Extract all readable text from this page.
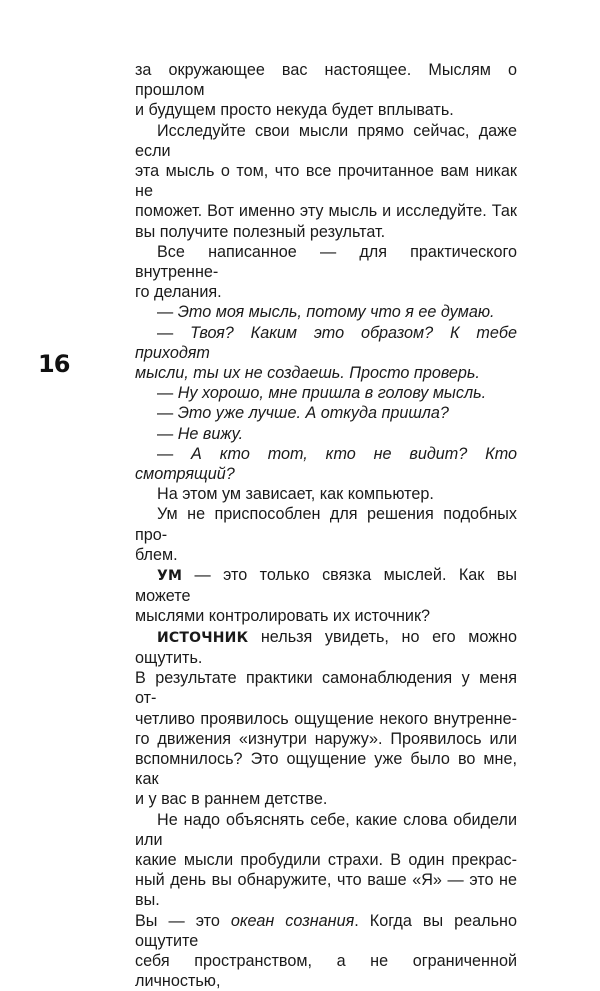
16
за окружающее вас настоящее. Мыслям о прошлом
и будущем просто некуда будет вплывать.
Исследуйте свои мысли прямо сейчас, даже если
эта мысль о том, что все прочитанное вам никак не
поможет. Вот именно эту мысль и исследуйте. Так
вы получите полезный результат.
Все написанное — для практического внутренне-
го делания.
— Это моя мысль, потому что я ее думаю.
— Твоя? Каким это образом? К тебе приходят
мысли, ты их не создаешь. Просто проверь.
— Ну хорошо, мне пришла в голову мысль.
— Это уже лучше. А откуда пришла?
— Не вижу.
— А кто тот, кто не видит? Кто смотрящий?
На этом ум зависает, как компьютер.
Ум не приспособлен для решения подобных про-
блем.
УМ — это только связка мыслей. Как вы можете
мыслями контролировать их источник?
ИСТОЧНИК нельзя увидеть, но его можно ощутить.
В результате практики самонаблюдения у меня от-
четливо проявилось ощущение некого внутренне-
го движения «изнутри наружу». Проявилось или
вспомнилось? Это ощущение уже было во мне, как
и у вас в раннем детстве.
Не надо объяснять себе, какие слова обидели или
какие мысли пробудили страхи. В один прекрас-
ный день вы обнаружите, что ваше «Я» — это не вы.
Вы — это океан сознания. Когда вы реально ощутите
себя пространством, а не ограниченной личностью,
